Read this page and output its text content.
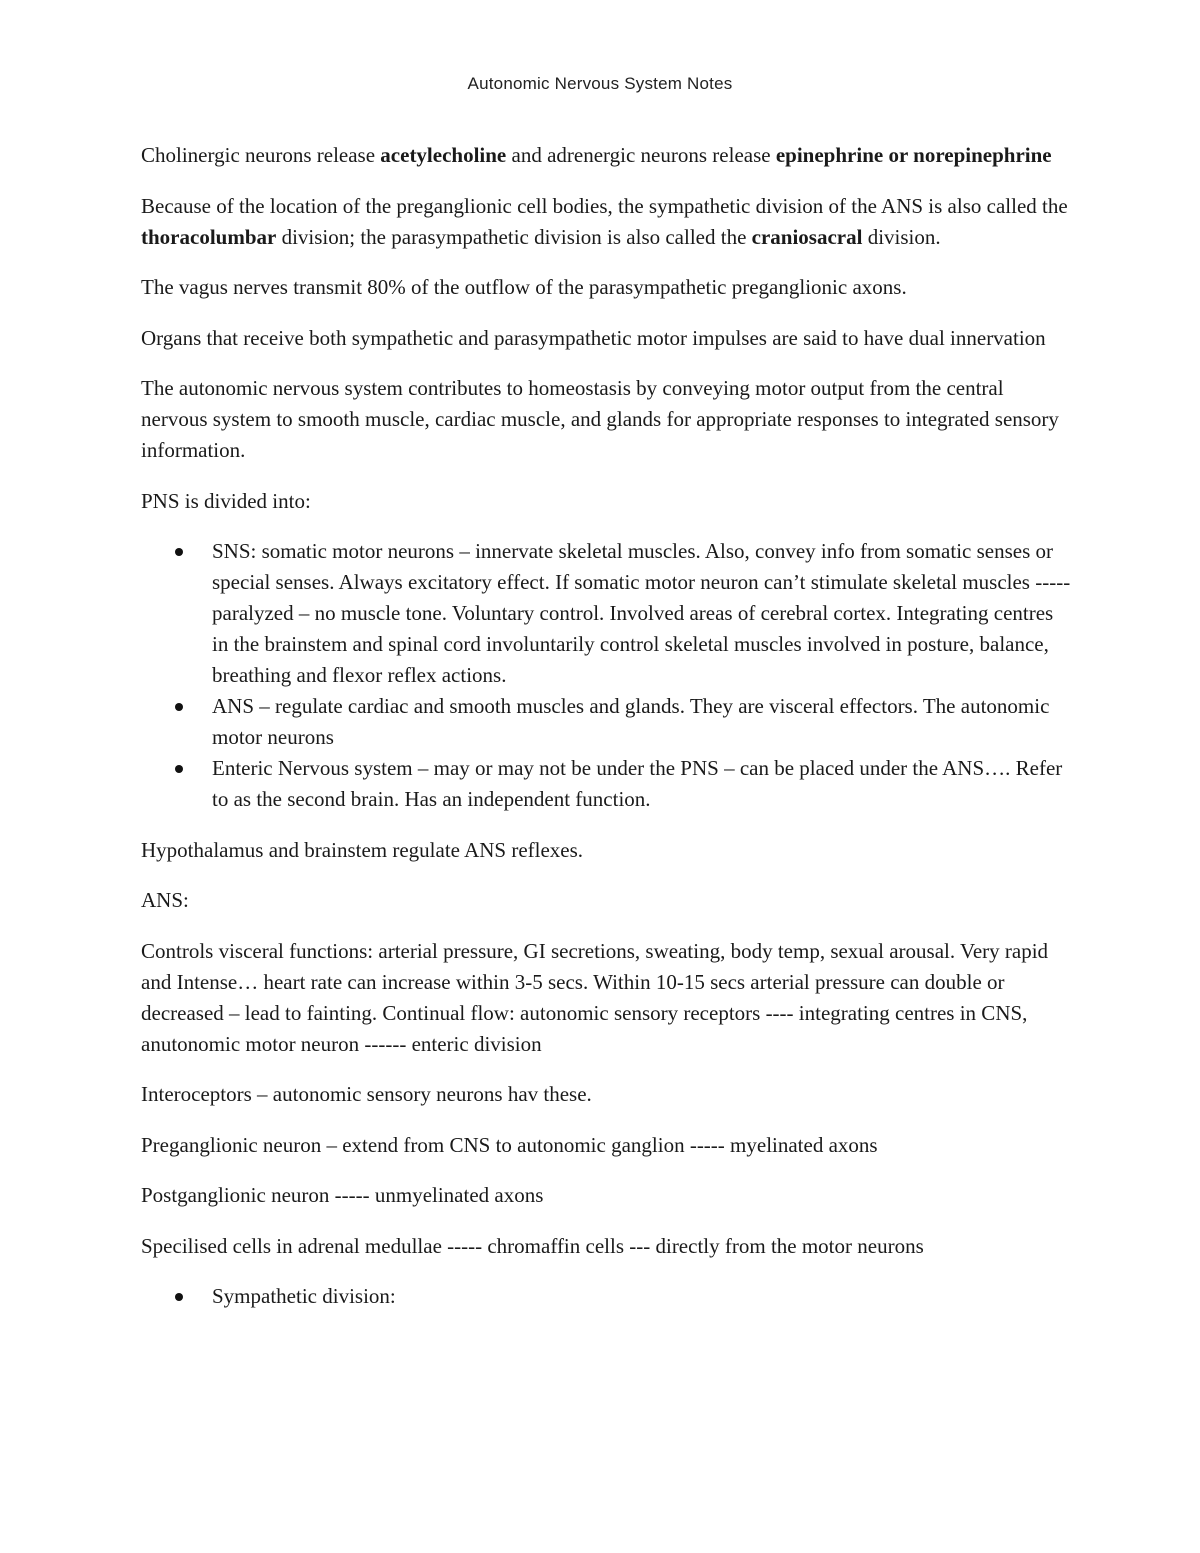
Autonomic Nervous System Notes

Cholinergic neurons release acetylecholine and adrenergic neurons release epinephrine or norepinephrine

Because of the location of the preganglionic cell bodies, the sympathetic division of the ANS is also called the thoracolumbar division; the parasympathetic division is also called the craniosacral division.

The vagus nerves transmit 80% of the outflow of the parasympathetic preganglionic axons.

Organs that receive both sympathetic and parasympathetic motor impulses are said to have dual innervation

The autonomic nervous system contributes to homeostasis by conveying motor output from the central nervous system to smooth muscle, cardiac muscle, and glands for appropriate responses to integrated sensory information.

PNS is divided into:

SNS: somatic motor neurons – innervate skeletal muscles. Also, convey info from somatic senses or special senses. Always excitatory effect. If somatic motor neuron can’t stimulate skeletal muscles -----paralyzed – no muscle tone. Voluntary control. Involved areas of cerebral cortex. Integrating centres in the brainstem and spinal cord involuntarily control skeletal muscles involved in posture, balance, breathing and flexor reflex actions.
ANS – regulate cardiac and smooth muscles and glands. They are visceral effectors. The autonomic motor neurons
Enteric Nervous system – may or may not be under the PNS – can be placed under the ANS…. Refer to as the second brain. Has an independent function.

Hypothalamus and brainstem regulate ANS reflexes.

ANS:

Controls visceral functions: arterial pressure, GI secretions, sweating, body temp, sexual arousal. Very rapid and Intense… heart rate can increase within 3-5 secs. Within 10-15 secs arterial pressure can double or decreased – lead to fainting. Continual flow: autonomic sensory receptors ---- integrating centres in CNS, anutonomic motor neuron ------ enteric division

Interoceptors – autonomic sensory neurons hav these.

Preganglionic neuron – extend from CNS to autonomic ganglion ----- myelinated axons

Postganglionic neuron ----- unmyelinated axons

Specilised cells in adrenal medullae ----- chromaffin cells --- directly from the motor neurons

Sympathetic division:
